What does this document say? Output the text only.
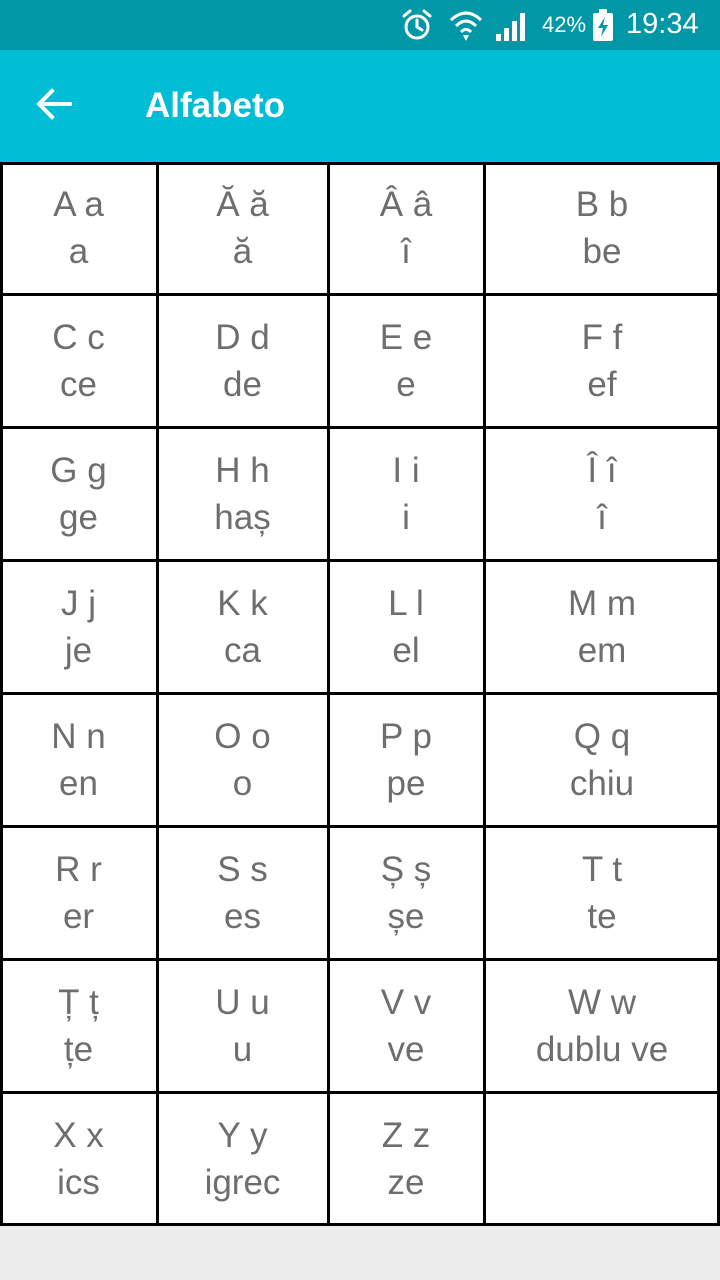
42% 19:34
Alfabeto
A a
a
Ă ă
ă
Â â
î
B b
be
C c
ce
D d
de
E e
e
F f
ef
G g
ge
H h
haș
I i
i
Î î
î
J j
je
K k
ca
L l
el
M m
em
N n
en
O o
o
P p
pe
Q q
chiu
R r
er
S s
es
Ș ș
șe
T t
te
Ț ț
țe
U u
u
V v
ve
W w
dublu ve
X x
ics
Y y
igrec
Z z
ze
